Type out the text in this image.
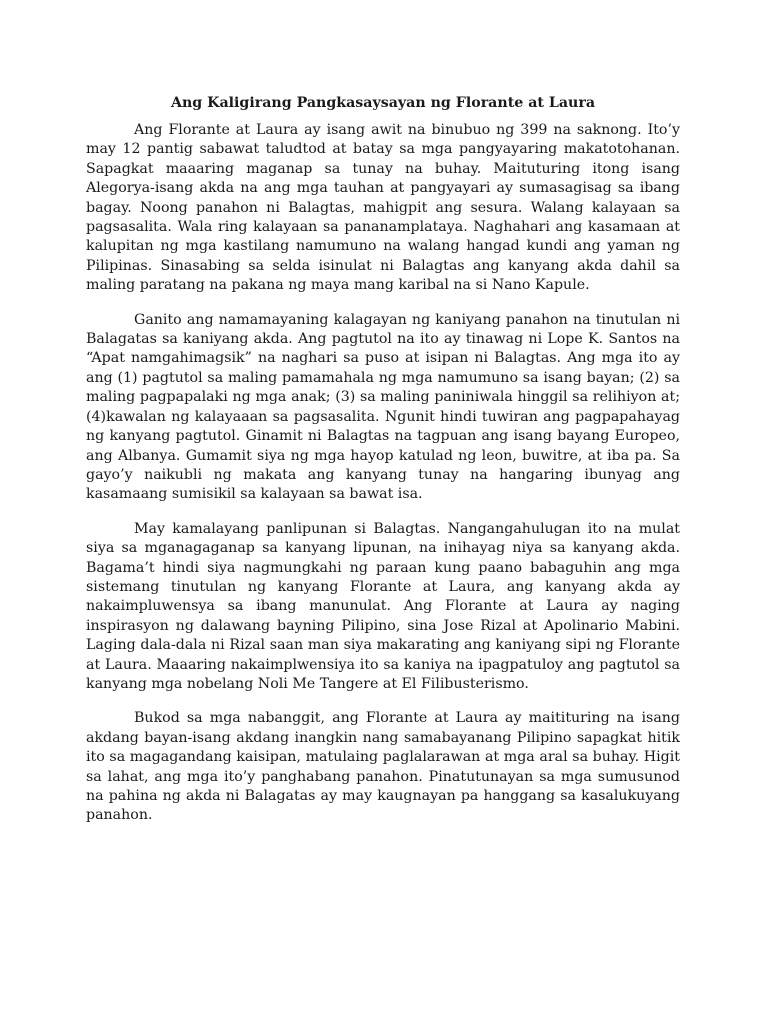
Ang Kaligirang Pangkasaysayan ng Florante at Laura

Ang Florante at Laura ay isang awit na binubuo ng 399 na saknong. Ito’y may 12 pantig sabawat taludtod at batay sa mga pangyayaring makatotohanan. Sapagkat maaaring maganap sa tunay na buhay. Maituturing itong isang Alegorya-isang akda na ang mga tauhan at pangyayari ay sumasagisag sa ibang bagay. Noong panahon ni Balagtas, mahigpit ang sesura. Walang kalayaan sa pagsasalita. Wala ring kalayaan sa pananamplataya. Naghahari ang kasamaan at kalupitan ng mga kastilang namumuno na walang hangad kundi ang yaman ng Pilipinas. Sinasabing sa selda isinulat ni Balagtas ang kanyang akda dahil sa maling paratang na pakana ng maya mang karibal na si Nano Kapule.

Ganito ang namamayaning kalagayan ng kaniyang panahon na tinutulan ni Balagatas sa kaniyang akda. Ang pagtutol na ito ay tinawag ni Lope K. Santos na “Apat namgahimagsik” na naghari sa puso at isipan ni Balagtas. Ang mga ito ay ang (1) pagtutol sa maling pamamahala ng mga namumuno sa isang bayan; (2) sa maling pagpapalaki ng mga anak; (3) sa maling paniniwala hinggil sa relihiyon at; (4)kawalan ng kalayaaan sa pagsasalita. Ngunit hindi tuwiran ang pagpapahayag ng kanyang pagtutol. Ginamit ni Balagtas na tagpuan ang isang bayang Europeo, ang Albanya. Gumamit siya ng mga hayop katulad ng leon, buwitre, at iba pa. Sa gayo’y naikubli ng makata ang kanyang tunay na hangaring ibunyag ang kasamaang sumisikil sa kalayaan sa bawat isa.

May kamalayang panlipunan si Balagtas. Nangangahulugan ito na mulat siya sa mganagaganap sa kanyang lipunan, na inihayag niya sa kanyang akda. Bagama’t hindi siya nagmungkahi ng paraan kung paano babaguhin ang mga sistemang tinutulan ng kanyang Florante at Laura, ang kanyang akda ay nakaimpluwensya sa ibang manunulat. Ang Florante at Laura ay naging inspirasyon ng dalawang bayning Pilipino, sina Jose Rizal at Apolinario Mabini. Laging dala-dala ni Rizal saan man siya makarating ang kaniyang sipi ng Florante at Laura. Maaaring nakaimplwensiya ito sa kaniya na ipagpatuloy ang pagtutol sa kanyang mga nobelang Noli Me Tangere at El Filibusterismo.

Bukod sa mga nabanggit, ang Florante at Laura ay maitituring na isang akdang bayan-isang akdang inangkin nang samabayanang Pilipino sapagkat hitik ito sa magagandang kaisipan, matulaing paglalarawan at mga aral sa buhay. Higit sa lahat, ang mga ito’y panghabang panahon. Pinatutunayan sa mga sumusunod na pahina ng akda ni Balagatas ay may kaugnayan pa hanggang sa kasalukuyang panahon.
